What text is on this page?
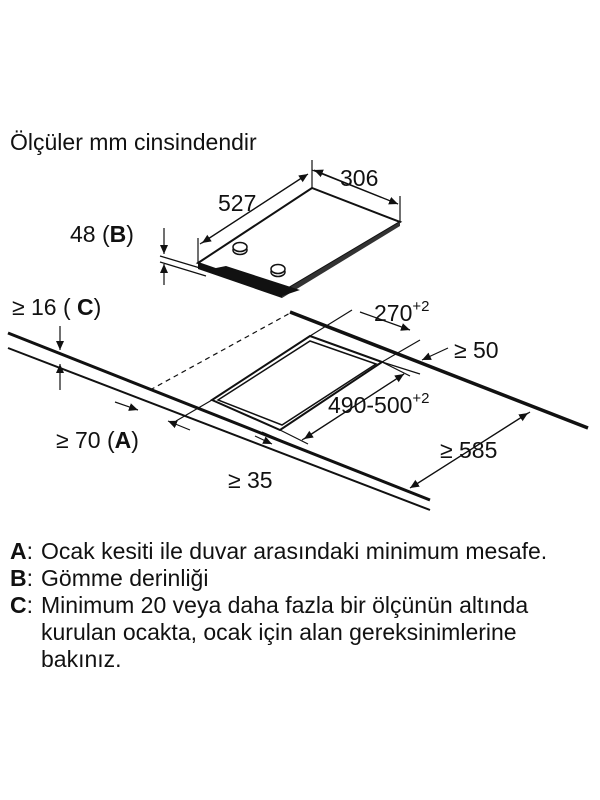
Ölçüler mm cinsindendir
306
527
48 (B)
$270^{+2}$
≥ 50
$490-500^{+2}$
≥ 585
≥ 16 ( C)
≥ 70 (A)
≥ 35
A : Ocak kesiti ile duvar arasındaki minimum mesafe.
B : Gömme derinliği
C : Minimum 20 veya daha fazla bir ölçünün altında kurulan ocakta, ocak için alan gereksinimlerine bakınız.
